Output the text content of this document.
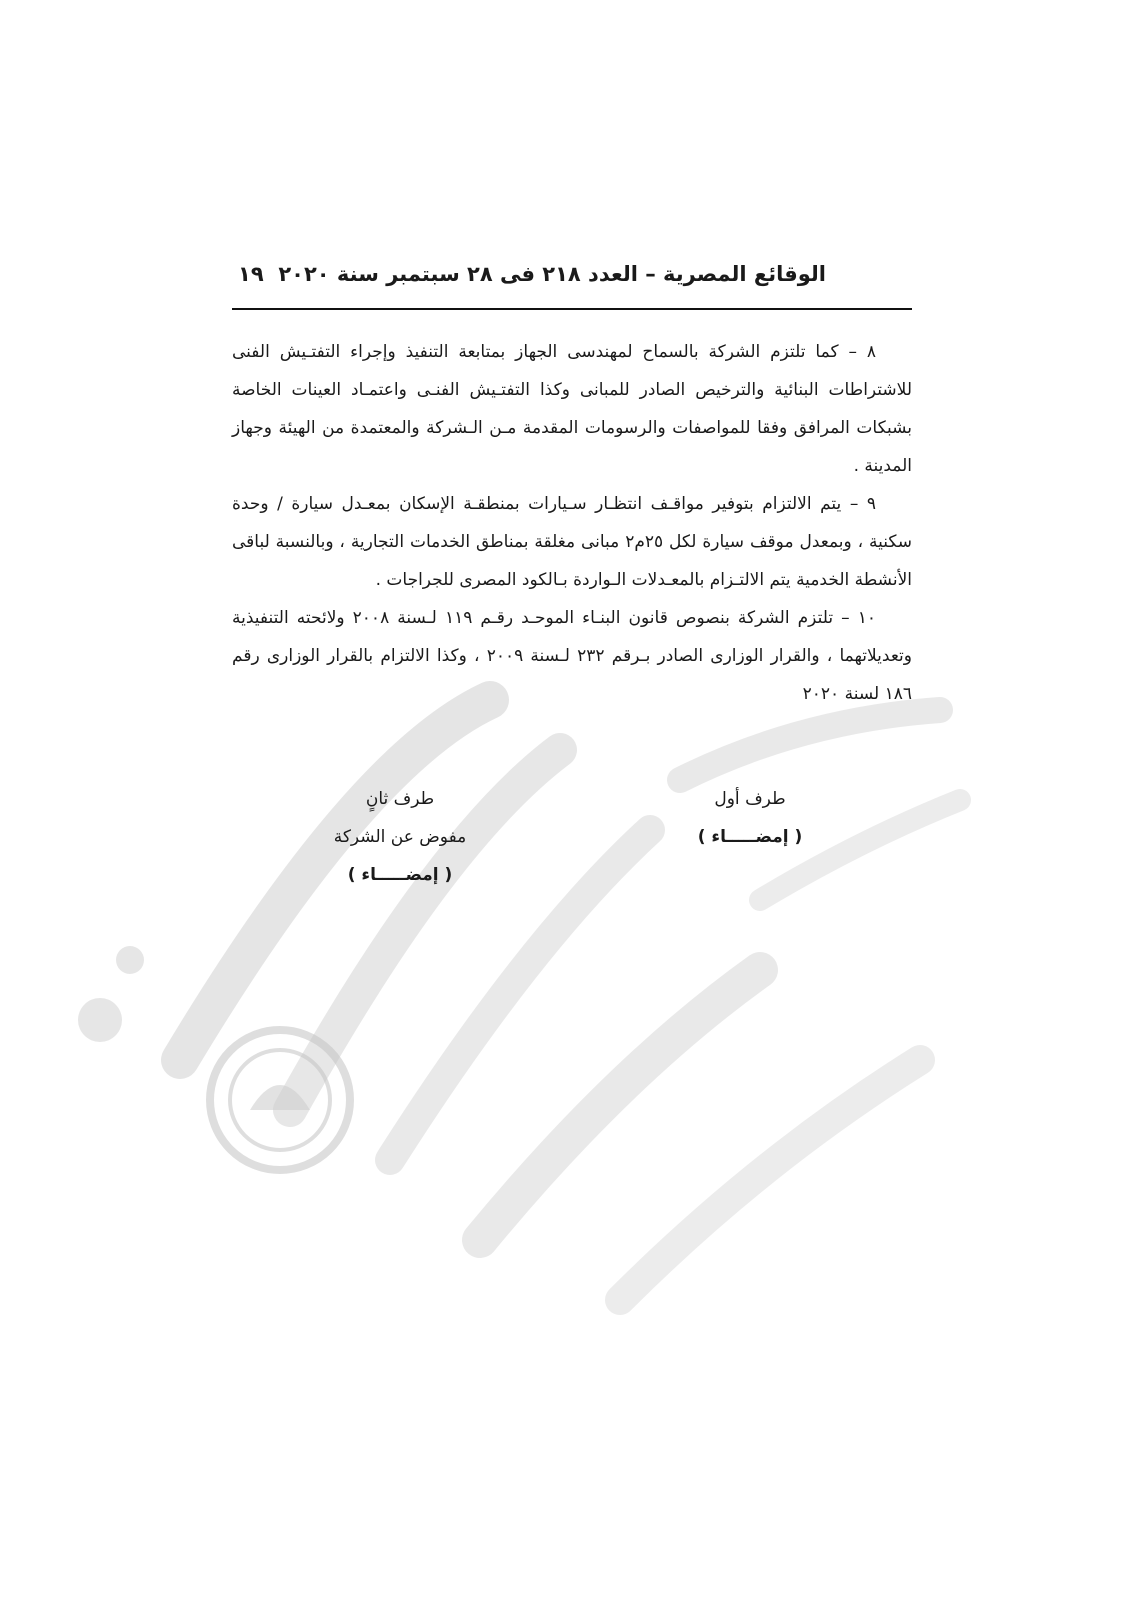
الوقائع المصرية – العدد ٢١٨ فى ٢٨ سبتمبر سنة ٢٠٢٠
١٩

٨ – كما تلتزم الشركة بالسماح لمهندسى الجهاز بمتابعة التنفيذ وإجراء التفتـيش الفنى للاشتراطات البنائية والترخيص الصادر للمبانى وكذا التفتـيش الفنـى واعتمـاد العينات الخاصة بشبكات المرافق وفقا للمواصفات والرسومات المقدمة مـن الـشركة والمعتمدة من الهيئة وجهاز المدينة .

٩ – يتم الالتزام بتوفير مواقـف انتظـار سـيارات بمنطقـة الإسكان بمعـدل سيارة / وحدة سكنية ، وبمعدل موقف سيارة لكل ٢٥م٢ مبانى مغلقة بمناطق الخدمات التجارية ، وبالنسبة لباقى الأنشطة الخدمية يتم الالتـزام بالمعـدلات الـواردة بـالكود المصرى للجراجات .

١٠ – تلتزم الشركة بنصوص قانون البنـاء الموحـد رقـم ١١٩ لـسنة ٢٠٠٨ ولائحته التنفيذية وتعديلاتهما ، والقرار الوزارى الصادر بـرقم ٢٣٢ لـسنة ٢٠٠٩ ، وكذا الالتزام بالقرار الوزارى رقم ١٨٦ لسنة ٢٠٢٠

طرف أول
( إمضـــــاء )
طرف ثانٍ
مفوض عن الشركة
( إمضـــــاء )
